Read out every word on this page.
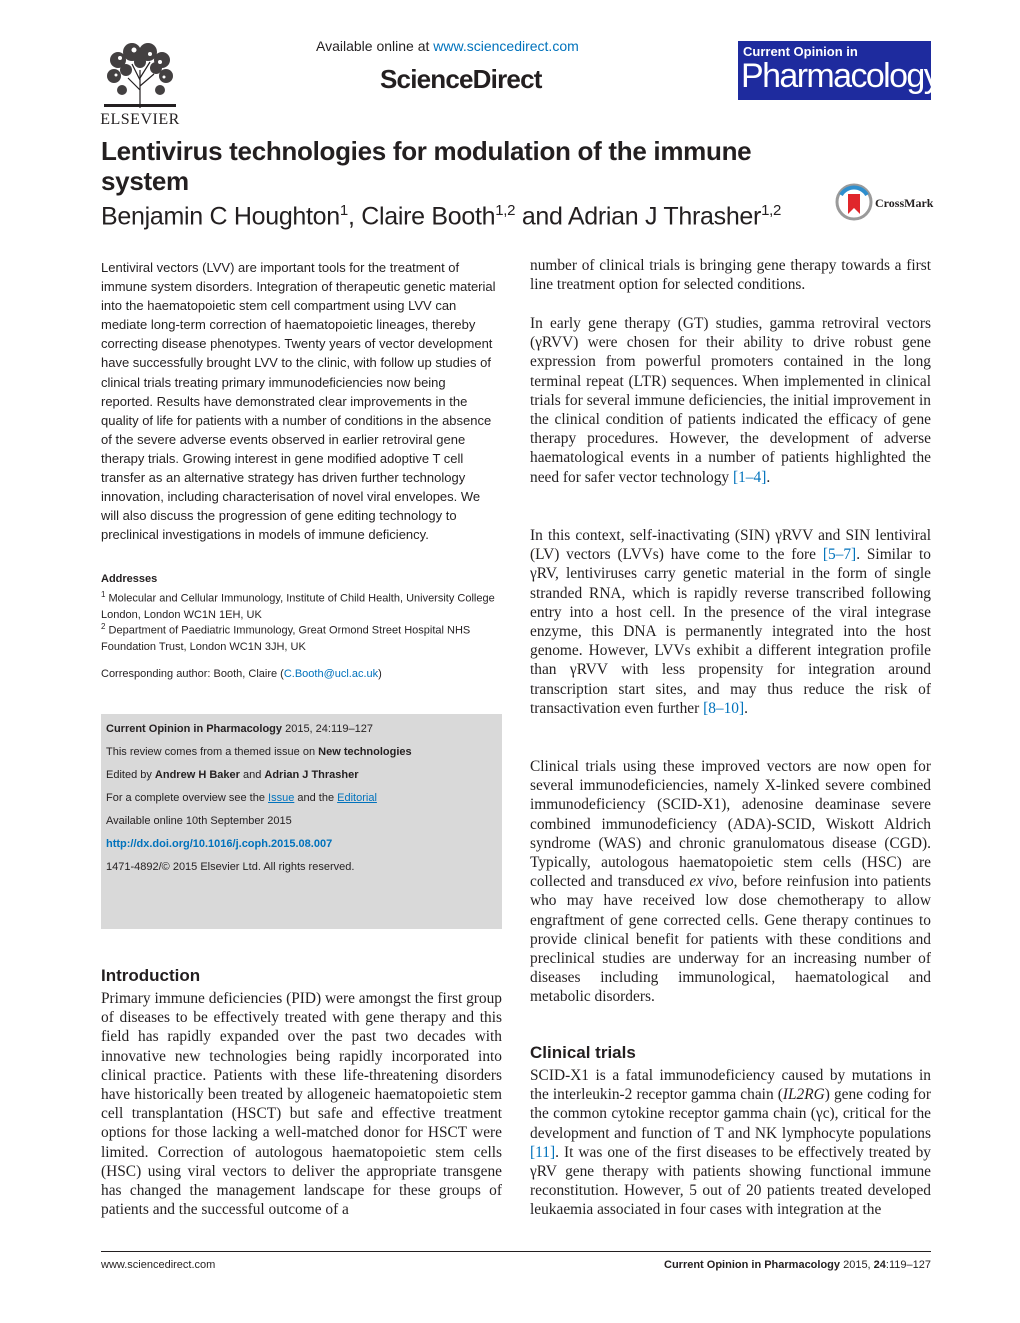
ELSEVIER
Available online at www.sciencedirect.com
ScienceDirect
Current Opinion in
Pharmacology
Lentivirus technologies for modulation of the immune system
Benjamin C Houghton$^1$, Claire Booth$^{1,2}$ and Adrian J Thrasher$^{1,2}$	CrossMark
Lentiviral vectors (LVV) are important tools for the treatment of immune system disorders. Integration of therapeutic genetic material into the haematopoietic stem cell compartment using LVV can mediate long-term correction of haematopoietic lineages, thereby correcting disease phenotypes. Twenty years of vector development have successfully brought LVV to the clinic, with follow up studies of clinical trials treating primary immunodeficiencies now being reported. Results have demonstrated clear improvements in the quality of life for patients with a number of conditions in the absence of the severe adverse events observed in earlier retroviral gene therapy trials. Growing interest in gene modified adoptive T cell transfer as an alternative strategy has driven further technology innovation, including characterisation of novel viral envelopes. We will also discuss the progression of gene editing technology to preclinical investigations in models of immune deficiency.
Addresses
$^1$ Molecular and Cellular Immunology, Institute of Child Health, University College London, London WC1N 1EH, UK
$^2$ Department of Paediatric Immunology, Great Ormond Street Hospital NHS Foundation Trust, London WC1N 3JH, UK
Corresponding author: Booth, Claire (C.Booth@ucl.ac.uk)
Current Opinion in Pharmacology 2015, 24:119–127
This review comes from a themed issue on New technologies
Edited by Andrew H Baker and Adrian J Thrasher
For a complete overview see the Issue and the Editorial
Available online 10th September 2015
http://dx.doi.org/10.1016/j.coph.2015.08.007
1471-4892/© 2015 Elsevier Ltd. All rights reserved.
Introduction
Primary immune deficiencies (PID) were amongst the first group of diseases to be effectively treated with gene therapy and this field has rapidly expanded over the past two decades with innovative new technologies being rapidly incorporated into clinical practice. Patients with these life-threatening disorders have historically been treated by allogeneic haematopoietic stem cell transplantation (HSCT) but safe and effective treatment options for those lacking a well-matched donor for HSCT were limited. Correction of autologous haematopoietic stem cells (HSC) using viral vectors to deliver the appropriate transgene has changed the management landscape for these groups of patients and the successful outcome of a
number of clinical trials is bringing gene therapy towards a first line treatment option for selected conditions.
In early gene therapy (GT) studies, gamma retroviral vectors (γRVV) were chosen for their ability to drive robust gene expression from powerful promoters contained in the long terminal repeat (LTR) sequences. When implemented in clinical trials for several immune deficiencies, the initial improvement in the clinical condition of patients indicated the efficacy of gene therapy procedures. However, the development of adverse haematological events in a number of patients highlighted the need for safer vector technology [1–4].
In this context, self-inactivating (SIN) γRVV and SIN lentiviral (LV) vectors (LVVs) have come to the fore [5–7]. Similar to γRV, lentiviruses carry genetic material in the form of single stranded RNA, which is rapidly reverse transcribed following entry into a host cell. In the presence of the viral integrase enzyme, this DNA is permanently integrated into the host genome. However, LVVs exhibit a different integration profile than γRVV with less propensity for integration around transcription start sites, and may thus reduce the risk of transactivation even further [8–10].
Clinical trials using these improved vectors are now open for several immunodeficiencies, namely X-linked severe combined immunodeficiency (SCID-X1), adenosine deaminase severe combined immunodeficiency (ADA)-SCID, Wiskott Aldrich syndrome (WAS) and chronic granulomatous disease (CGD). Typically, autologous haematopoietic stem cells (HSC) are collected and transduced ex vivo, before reinfusion into patients who may have received low dose chemotherapy to allow engraftment of gene corrected cells. Gene therapy continues to provide clinical benefit for patients with these conditions and preclinical studies are underway for an increasing number of diseases including immunological, haematological and metabolic disorders.
Clinical trials
SCID-X1 is a fatal immunodeficiency caused by mutations in the interleukin-2 receptor gamma chain (IL2RG) gene coding for the common cytokine receptor gamma chain (γc), critical for the development and function of T and NK lymphocyte populations [11]. It was one of the first diseases to be effectively treated by γRV gene therapy with patients showing functional immune reconstitution. However, 5 out of 20 patients treated developed leukaemia associated in four cases with integration at the
www.sciencedirect.com	Current Opinion in Pharmacology 2015, 24:119–127
